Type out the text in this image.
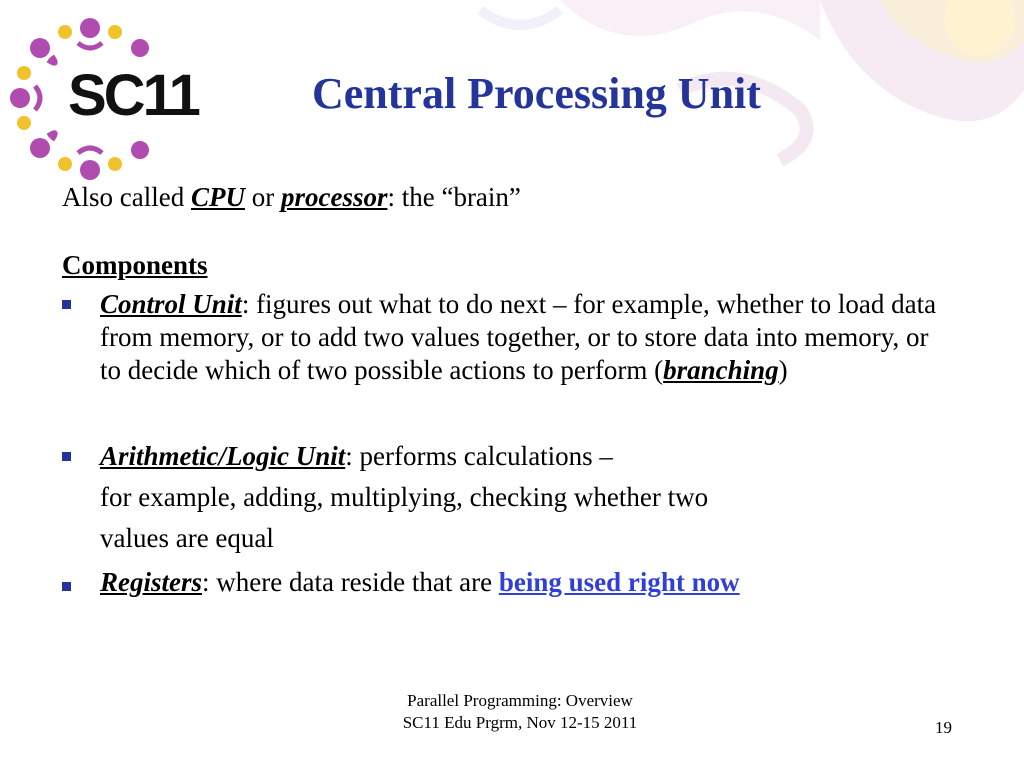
SC11	Central Processing Unit
Also called CPU or processor: the “brain”
Components
Control Unit: figures out what to do next – for example, whether to load data from memory, or to add two values together, or to store data into memory, or to decide which of two possible actions to perform (branching)
Arithmetic/Logic Unit: performs calculations –
for example, adding, multiplying, checking whether two
values are equal
Registers: where data reside that are being used right now
Parallel Programming: Overview
SC11 Edu Prgrm, Nov 12-15 2011	19
